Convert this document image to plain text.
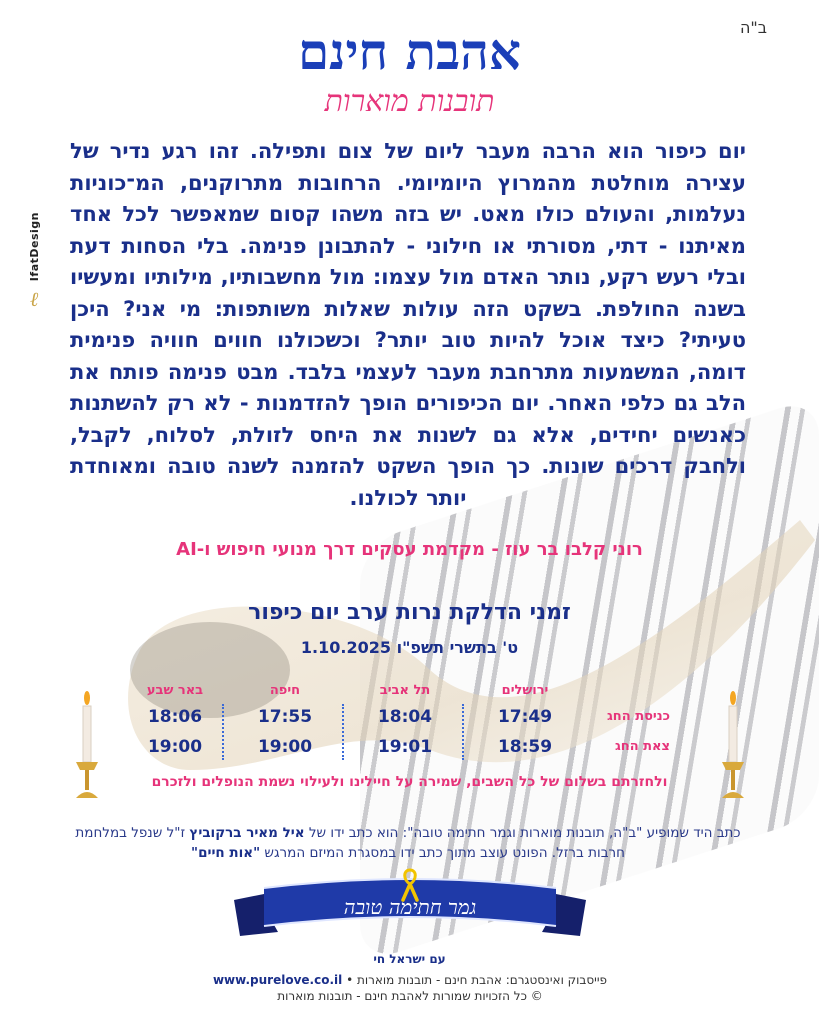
ב"ה
IfatDesign
ℓ
אהבת חינם
תובנות מוארות
יום כיפור הוא הרבה מעבר ליום של צום ותפילה. זהו רגע נדיר של עצירה מוחלטת מהמרוץ היומיומי. הרחובות מתרוקנים, המ־כוניות נעלמות, והעולם כולו מאט. יש בזה משהו קסום שמאפשר לכל אחד מאיתנו - דתי, מסורתי או חילוני - להתבונן פנימה. בלי הסחות דעת ובלי רעש רקע, נותר האדם מול עצמו: מול מחשבותיו, מילותיו ומעשיו בשנה החולפת. בשקט הזה עולות שאלות משותפות: מי אני? היכן טעיתי? כיצד אוכל להיות טוב יותר? וכשכולנו חווים חוויה פנימית דומה, המשמעות מתרחבת מעבר לעצמי בלבד. מבט פנימה פותח את הלב גם כלפי האחר. יום הכיפורים הופך להזדמנות - לא רק להשתנות כאנשים יחידים, אלא גם לשנות את היחס לזולת, לסלוח, לקבל, ולחבק דרכים שונות. כך הופך השקט להזמנה לשנה טובה ומאוחדת יותר לכולנו.
רוני קלבו בר עוז - מקדמת עסקים דרך מנועי חיפוש ו-AI
זמני הדלקת נרות ערב יום כיפור
ט' בתשרי תשפ"ו 1.10.2025
כניסת החג
צאת החג
ירושלים
17:49
18:59
תל אביב
18:04
19:01
חיפה
17:55
19:00
באר שבע
18:06
19:00
ולחזרתם בשלום של כל השבים, שמירה על חיילינו ולעילוי נשמת הנופלים ולזכרם
כתב היד שמופיע "ב"ה, תובנות מוארות וגמר חתימה טובה": הוא כתב ידו של איל מאיר ברקוביץ ז"ל שנפל במלחמת חרבות ברזל. הפונט עוצב מתוך כתב ידו במסגרת המיזם המרגש "אות חיים"
גמר חתימה טובה
עם ישראל חי
פייסבוק ואינסטגרם: אהבת חינם - תובנות מוארות • www.purelove.co.il
© כל הזכויות שמורות לאהבת חינם - תובנות מוארות
